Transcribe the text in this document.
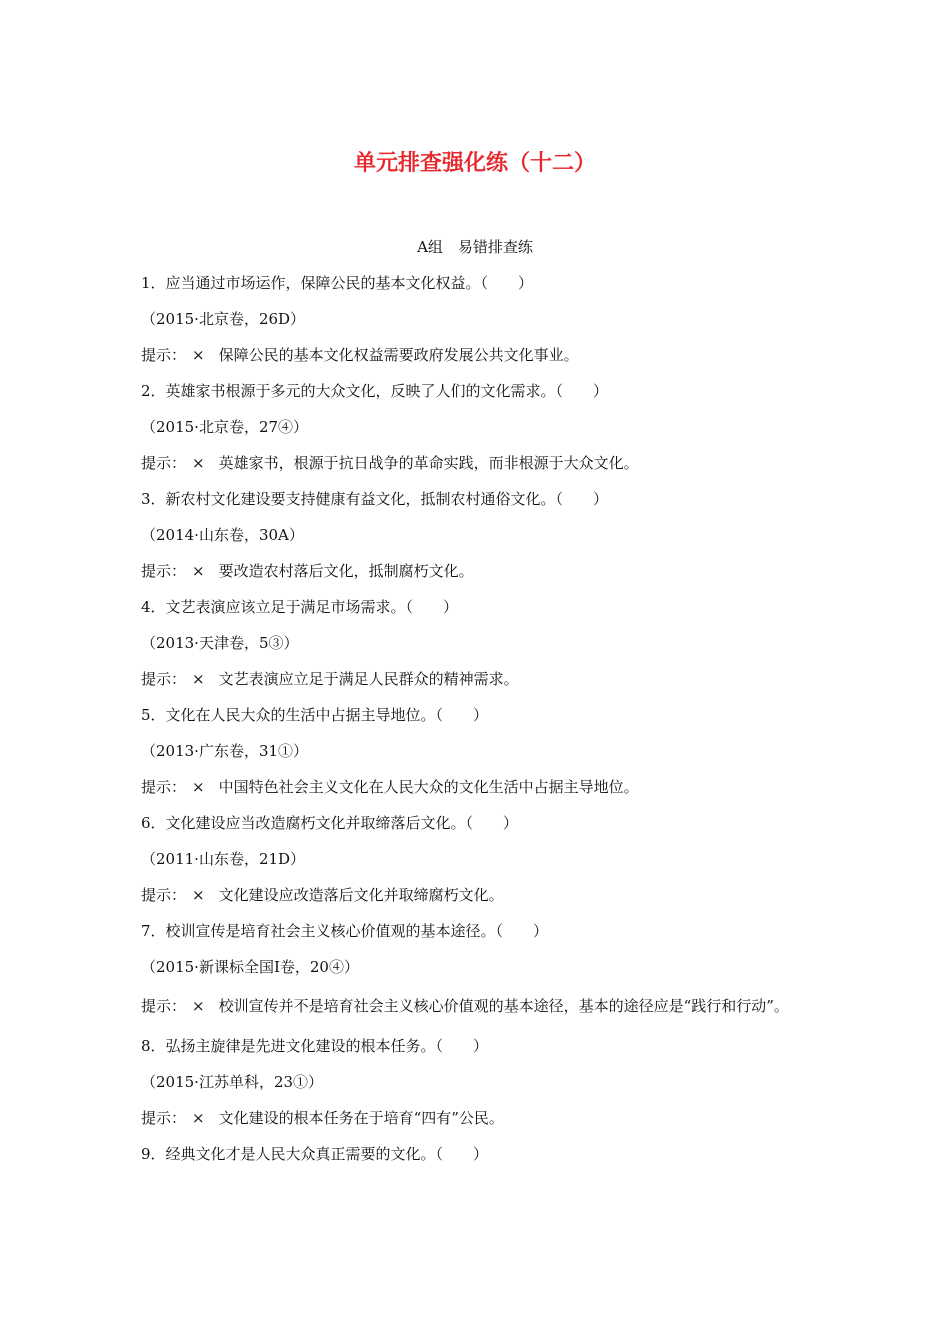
单元排查强化练（十二）
A组　易错排查练
1．应当通过市场运作，保障公民的基本文化权益。（　　）
（2015·北京卷，26D）
提示： × 保障公民的基本文化权益需要政府发展公共文化事业。
2．英雄家书根源于多元的大众文化，反映了人们的文化需求。（　　）
（2015·北京卷，27④）
提示： × 英雄家书，根源于抗日战争的革命实践，而非根源于大众文化。
3．新农村文化建设要支持健康有益文化，抵制农村通俗文化。（　　）
（2014·山东卷，30A）
提示： × 要改造农村落后文化，抵制腐朽文化。
4．文艺表演应该立足于满足市场需求。（　　）
（2013·天津卷，5③）
提示： × 文艺表演应立足于满足人民群众的精神需求。
5．文化在人民大众的生活中占据主导地位。（　　）
（2013·广东卷，31①）
提示： × 中国特色社会主义文化在人民大众的文化生活中占据主导地位。
6．文化建设应当改造腐朽文化并取缔落后文化。（　　）
（2011·山东卷，21D）
提示： × 文化建设应改造落后文化并取缔腐朽文化。
7．校训宣传是培育社会主义核心价值观的基本途径。（　　）
（2015·新课标全国Ⅰ卷，20④）
提示： × 校训宣传并不是培育社会主义核心价值观的基本途径，基本的途径应是“践行和行动”。
8．弘扬主旋律是先进文化建设的根本任务。（　　）
（2015·江苏单科，23①）
提示： × 文化建设的根本任务在于培育“四有”公民。
9．经典文化才是人民大众真正需要的文化。（　　）
